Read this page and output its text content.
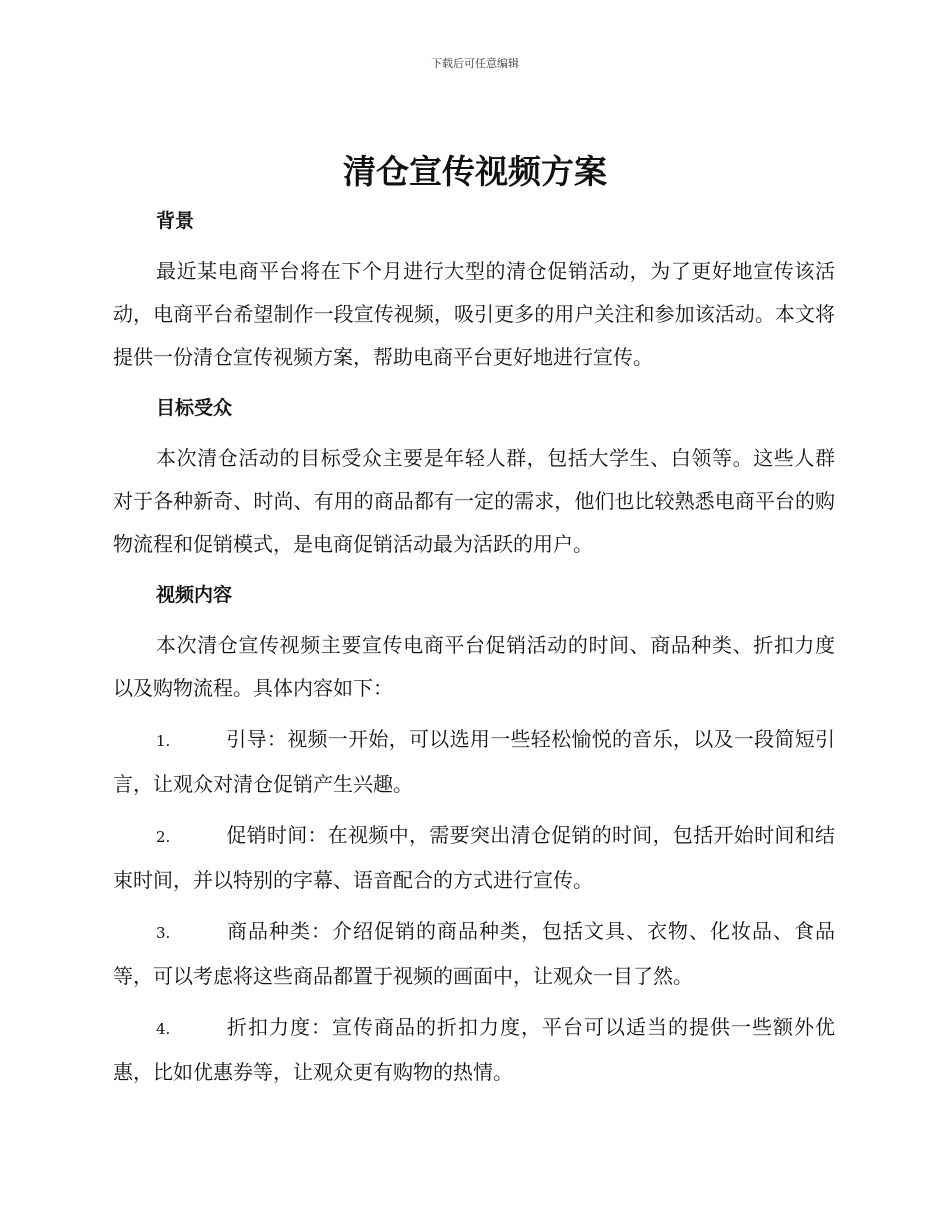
下载后可任意编辑
清仓宣传视频方案
背景

最近某电商平台将在下个月进行大型的清仓促销活动，为了更好地宣传该活动，电商平台希望制作一段宣传视频，吸引更多的用户关注和参加该活动。本文将提供一份清仓宣传视频方案，帮助电商平台更好地进行宣传。

目标受众

本次清仓活动的目标受众主要是年轻人群，包括大学生、白领等。这些人群对于各种新奇、时尚、有用的商品都有一定的需求，他们也比较熟悉电商平台的购物流程和促销模式，是电商促销活动最为活跃的用户。

视频内容

本次清仓宣传视频主要宣传电商平台促销活动的时间、商品种类、折扣力度以及购物流程。具体内容如下：

1.	引导：视频一开始，可以选用一些轻松愉悦的音乐，以及一段简短引言，让观众对清仓促销产生兴趣。

2.	促销时间：在视频中，需要突出清仓促销的时间，包括开始时间和结束时间，并以特别的字幕、语音配合的方式进行宣传。

3.	商品种类：介绍促销的商品种类，包括文具、衣物、化妆品、食品等，可以考虑将这些商品都置于视频的画面中，让观众一目了然。

4.	折扣力度：宣传商品的折扣力度，平台可以适当的提供一些额外优惠，比如优惠券等，让观众更有购物的热情。
